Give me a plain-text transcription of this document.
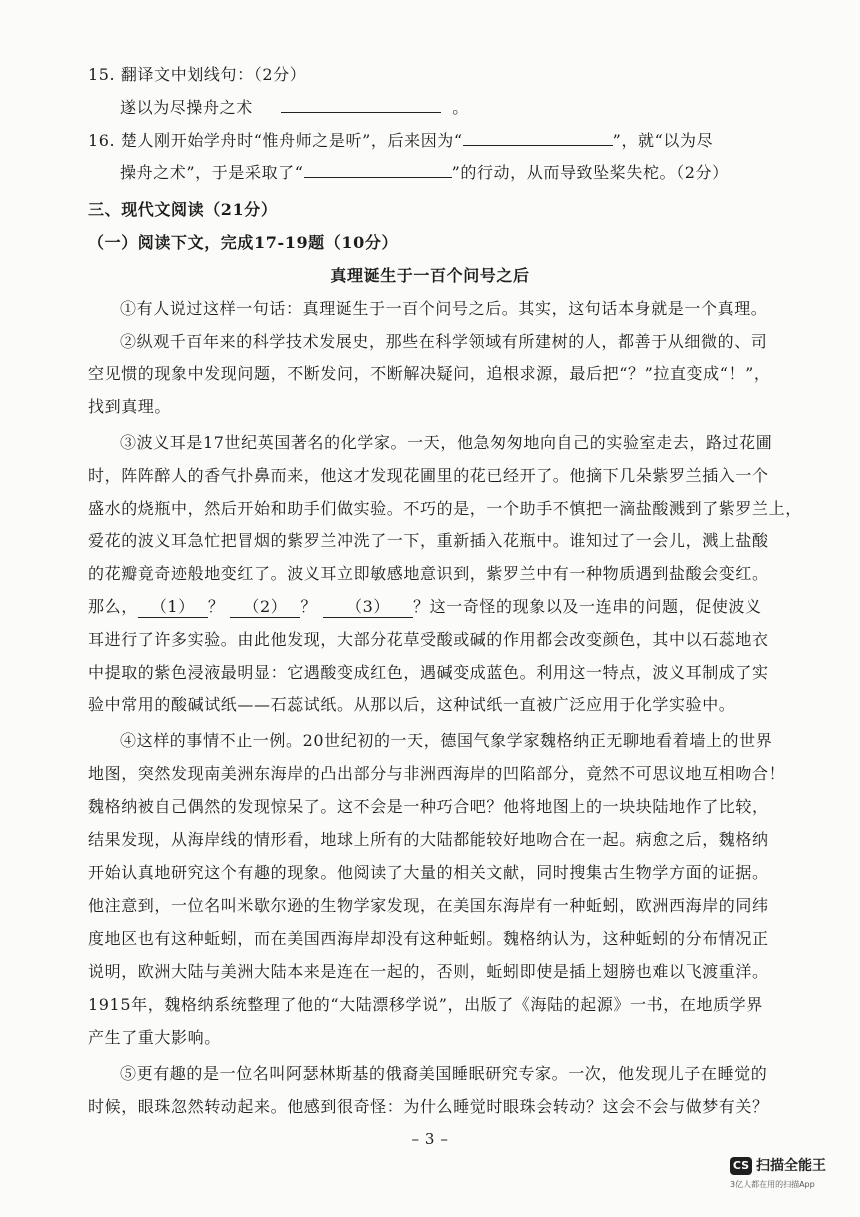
15. 翻译文中划线句：（2分）
遂以为尽操舟之术	。
16. 楚人刚开始学舟时“惟舟师之是听”，后来因为“	”，就“以为尽
操舟之术”，于是采取了“	”的行动，从而导致坠桨失柁。（2分）
三、现代文阅读（21分）
（一）阅读下文，完成17-19题（10分）
真理诞生于一百个问号之后
①有人说过这样一句话：真理诞生于一百个问号之后。其实，这句话本身就是一个真理。
②纵观千百年来的科学技术发展史，那些在科学领域有所建树的人，都善于从细微的、司
空见惯的现象中发现问题，不断发问，不断解决疑问，追根求源，最后把“？”拉直变成“！”，
找到真理。
③波义耳是17世纪英国著名的化学家。一天，他急匆匆地向自己的实验室走去，路过花圃
时，阵阵醉人的香气扑鼻而来，他这才发现花圃里的花已经开了。他摘下几朵紫罗兰插入一个
盛水的烧瓶中，然后开始和助手们做实验。不巧的是，一个助手不慎把一滴盐酸溅到了紫罗兰上，
爱花的波义耳急忙把冒烟的紫罗兰冲洗了一下，重新插入花瓶中。谁知过了一会儿，溅上盐酸
的花瓣竟奇迹般地变红了。波义耳立即敏感地意识到，紫罗兰中有一种物质遇到盐酸会变红。
那么， （1） ？ （2） ？ （3） ？这一奇怪的现象以及一连串的问题，促使波义
耳进行了许多实验。由此他发现，大部分花草受酸或碱的作用都会改变颜色，其中以石蕊地衣
中提取的紫色浸液最明显：它遇酸变成红色，遇碱变成蓝色。利用这一特点，波义耳制成了实
验中常用的酸碱试纸——石蕊试纸。从那以后，这种试纸一直被广泛应用于化学实验中。
④这样的事情不止一例。20世纪初的一天，德国气象学家魏格纳正无聊地看着墙上的世界
地图，突然发现南美洲东海岸的凸出部分与非洲西海岸的凹陷部分，竟然不可思议地互相吻合！
魏格纳被自己偶然的发现惊呆了。这不会是一种巧合吧？他将地图上的一块块陆地作了比较，
结果发现，从海岸线的情形看，地球上所有的大陆都能较好地吻合在一起。病愈之后，魏格纳
开始认真地研究这个有趣的现象。他阅读了大量的相关文献，同时搜集古生物学方面的证据。
他注意到，一位名叫米歇尔逊的生物学家发现，在美国东海岸有一种蚯蚓，欧洲西海岸的同纬
度地区也有这种蚯蚓，而在美国西海岸却没有这种蚯蚓。魏格纳认为，这种蚯蚓的分布情况正
说明，欧洲大陆与美洲大陆本来是连在一起的，否则，蚯蚓即使是插上翅膀也难以飞渡重洋。
1915年，魏格纳系统整理了他的“大陆漂移学说”，出版了《海陆的起源》一书，在地质学界
产生了重大影响。
⑤更有趣的是一位名叫阿瑟林斯基的俄裔美国睡眠研究专家。一次，他发现儿子在睡觉的
时候，眼珠忽然转动起来。他感到很奇怪：为什么睡觉时眼珠会转动？这会不会与做梦有关？
– 3 –
CS 扫描全能王
3亿人都在用的扫描App
